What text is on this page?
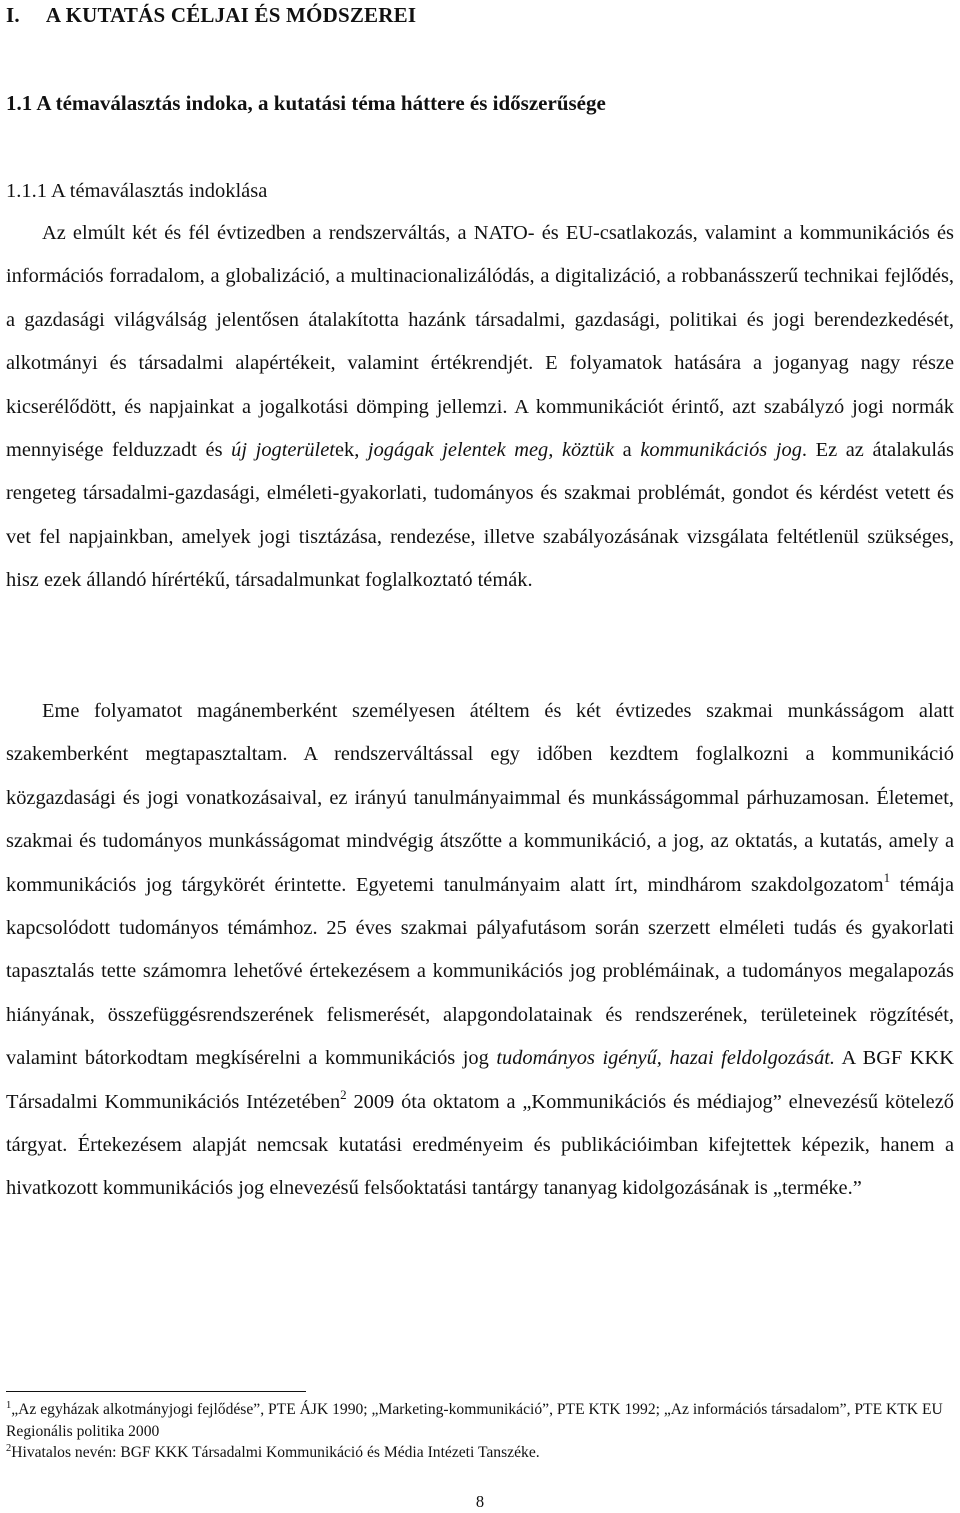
I.     A KUTATÁS CÉLJAI ÉS MÓDSZEREI
1.1 A témaválasztás indoka, a kutatási téma háttere és időszerűsége
1.1.1 A témaválasztás indoklása

Az elmúlt két és fél évtizedben a rendszerváltás, a NATO- és EU-csatlakozás, valamint a kommunikációs és információs forradalom, a globalizáció, a multinacionalizálódás, a digitalizáció, a robbanásszerű technikai fejlődés, a gazdasági világválság jelentősen átalakította hazánk társadalmi, gazdasági, politikai és jogi berendezkedését, alkotmányi és társadalmi alapértékeit, valamint értékrendjét. E folyamatok hatására a joganyag nagy része kicserélődött, és napjainkat a jogalkotási dömping jellemzi. A kommunikációt érintő, azt szabályzó jogi normák mennyisége felduzzadt és új jogterületek, jogágak jelentek meg, köztük a kommunikációs jog. Ez az átalakulás rengeteg társadalmi-gazdasági, elméleti-gyakorlati, tudományos és szakmai problémát, gondot és kérdést vetett és vet fel napjainkban, amelyek jogi tisztázása, rendezése, illetve szabályozásának vizsgálata feltétlenül szükséges, hisz ezek állandó hírértékű, társadalmunkat foglalkoztató témák.

Eme folyamatot magánemberként személyesen átéltem és két évtizedes szakmai munkásságom alatt szakemberként megtapasztaltam. A rendszerváltással egy időben kezdtem foglalkozni a kommunikáció közgazdasági és jogi vonatkozásaival, ez irányú tanulmányaimmal és munkásságommal párhuzamosan. Életemet, szakmai és tudományos munkásságomat mindvégig átszőtte a kommunikáció, a jog, az oktatás, a kutatás, amely a kommunikációs jog tárgykörét érintette. Egyetemi tanulmányaim alatt írt, mindhárom szakdolgozatom$^1$ témája kapcsolódott tudományos témámhoz. 25 éves szakmai pályafutásom során szerzett elméleti tudás és gyakorlati tapasztalás tette számomra lehetővé értekezésem a kommunikációs jog problémáinak, a tudományos megalapozás hiányának, összefüggésrendszerének felismerését, alapgondolatainak és rendszerének, területeinek rögzítését, valamint bátorkodtam megkísérelni a kommunikációs jog tudományos igényű, hazai feldolgozását. A BGF KKK Társadalmi Kommunikációs Intézetében$^2$ 2009 óta oktatom a „Kommunikációs és médiajog” elnevezésű kötelező tárgyat. Értekezésem alapját nemcsak kutatási eredményeim és publikációimban kifejtettek képezik, hanem a hivatkozott kommunikációs jog elnevezésű felsőoktatási tantárgy tananyag kidolgozásának is „terméke.”

$^1$„Az egyházak alkotmányjogi fejlődése”, PTE ÁJK 1990; „Marketing-kommunikáció”, PTE KTK 1992; „Az információs társadalom”, PTE KTK EU Regionális politika 2000

$^2$Hivatalos nevén: BGF KKK Társadalmi Kommunikáció és Média Intézeti Tanszéke.

8
